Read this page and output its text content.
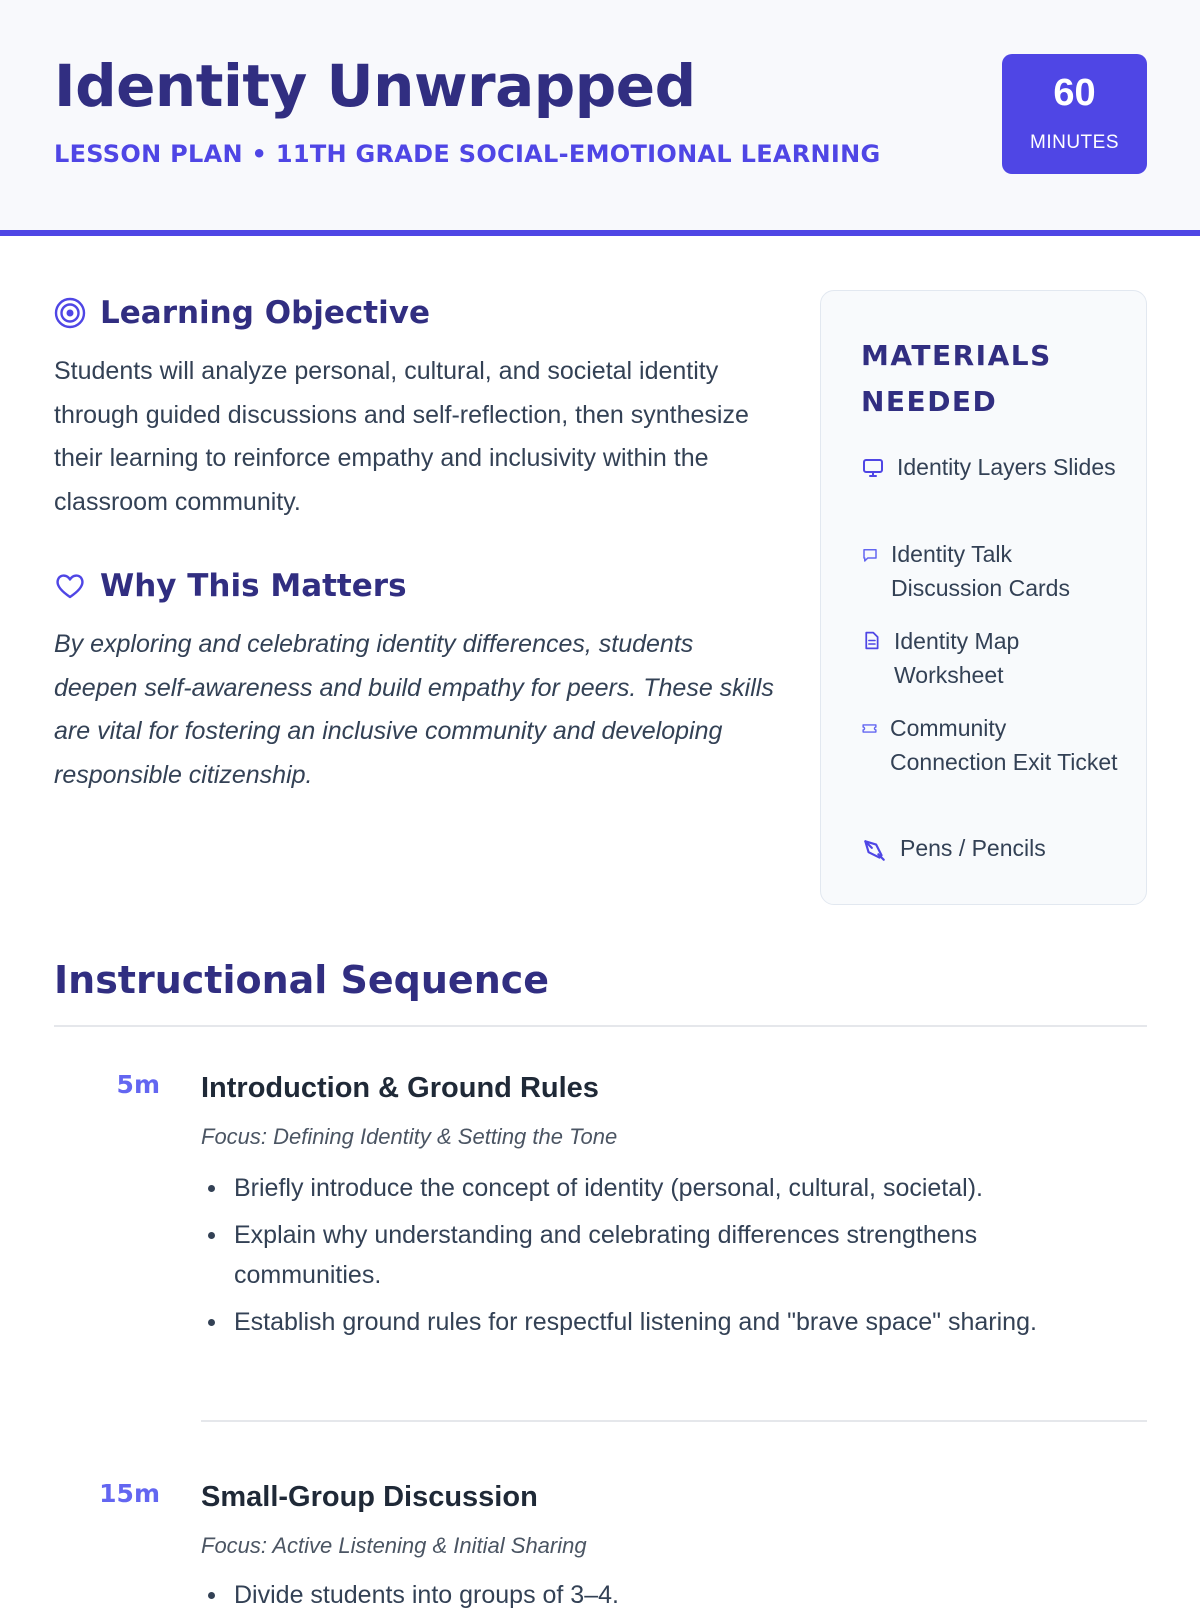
Identity Unwrapped
LESSON PLAN • 11TH GRADE SOCIAL-EMOTIONAL LEARNING
60
MINUTES
Learning Objective

Students will analyze personal, cultural, and societal identity through guided discussions and self-reflection, then synthesize their learning to reinforce empathy and inclusivity within the classroom community.

Why This Matters

By exploring and celebrating identity differences, students deepen self-awareness and build empathy for peers. These skills are vital for fostering an inclusive community and developing responsible citizenship.

MATERIALS NEEDED
Identity Layers Slides
Identity Talk Discussion Cards
Identity Map Worksheet
Community Connection Exit Ticket
Pens / Pencils
Instructional Sequence
5m Introduction & Ground Rules
Focus: Defining Identity & Setting the Tone
Briefly introduce the concept of identity (personal, cultural, societal).
Explain why understanding and celebrating differences strengthens communities.
Establish ground rules for respectful listening and "brave space" sharing.
15m Small-Group Discussion
Focus: Active Listening & Initial Sharing
Divide students into groups of 3–4.
